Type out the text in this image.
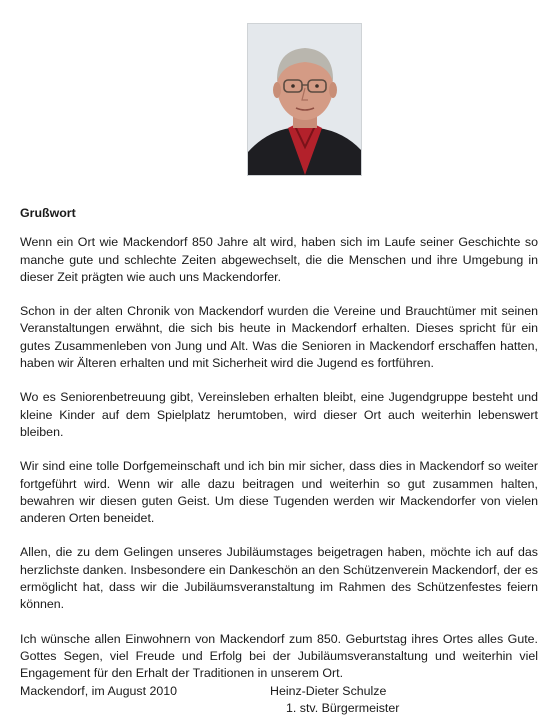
Grußwort

Wenn ein Ort wie Mackendorf 850 Jahre alt wird, haben sich im Laufe seiner Geschichte so manche gute und schlechte Zeiten abgewechselt, die die Menschen und ihre Umgebung in dieser Zeit prägten wie auch uns Mackendorfer.

Schon in der alten Chronik von Mackendorf wurden die Vereine und Brauchtümer mit seinen Veranstaltungen erwähnt, die sich bis heute in Mackendorf erhalten. Dieses spricht für ein gutes Zusammenleben von Jung und Alt. Was die Senioren in Mackendorf erschaffen hatten, haben wir Älteren erhalten und mit Sicherheit wird die Jugend es fortführen.

Wo es Seniorenbetreuung gibt, Vereinsleben erhalten bleibt, eine Jugendgruppe besteht und kleine Kinder auf dem Spielplatz herumtoben, wird dieser Ort auch weiterhin lebenswert bleiben.

Wir sind eine tolle Dorfgemeinschaft und ich bin mir sicher, dass dies in Mackendorf so weiter fortgeführt wird. Wenn wir alle dazu beitragen und weiterhin so gut zusammen halten, bewahren wir diesen guten Geist. Um diese Tugenden werden wir Mackendorfer von vielen anderen Orten beneidet.

Allen, die zu dem Gelingen unseres Jubiläumstages beigetragen haben, möchte ich auf das herzlichste danken. Insbesondere ein Dankeschön an den Schützenverein Mackendorf, der es ermöglicht hat, dass wir die Jubiläumsveranstaltung im Rahmen des Schützenfestes feiern können.

Ich wünsche allen Einwohnern von Mackendorf zum 850. Geburtstag ihres Ortes alles Gute. Gottes Segen, viel Freude und Erfolg bei der Jubiläumsveranstaltung und weiterhin viel Engagement für den Erhalt der Traditionen in unserem Ort.

Mackendorf, im August 2010	Heinz-Dieter Schulze
1. stv. Bürgermeister
